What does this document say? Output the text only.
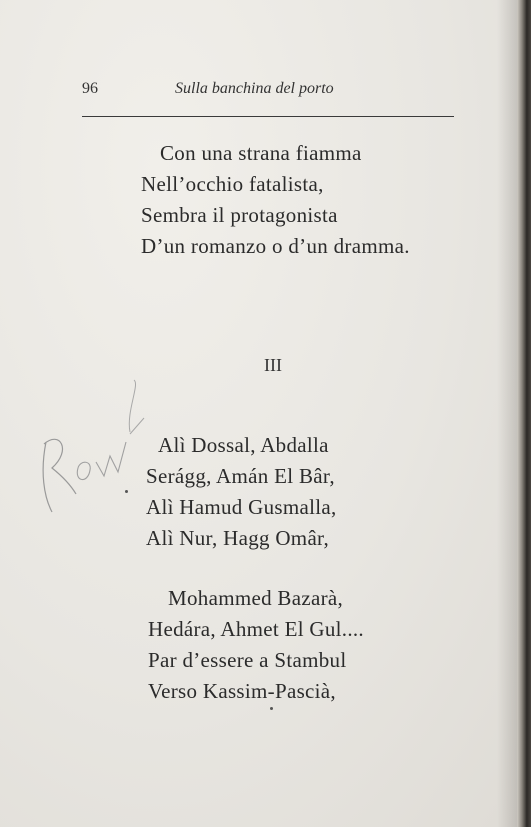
96	Sulla banchina del porto
Con una strana fiamma
Nell’occhio fatalista,
Sembra il protagonista
D’un romanzo o d’un dramma.
III
Alì Dossal, Abdalla
Serágg, Amán El Bâr,
Alì Hamud Gusmalla,
Alì Nur, Hagg Omâr,
Mohammed Bazarà,
Hedára, Ahmet El Gul....
Par d’essere a Stambul
Verso Kassim-Pascià,
